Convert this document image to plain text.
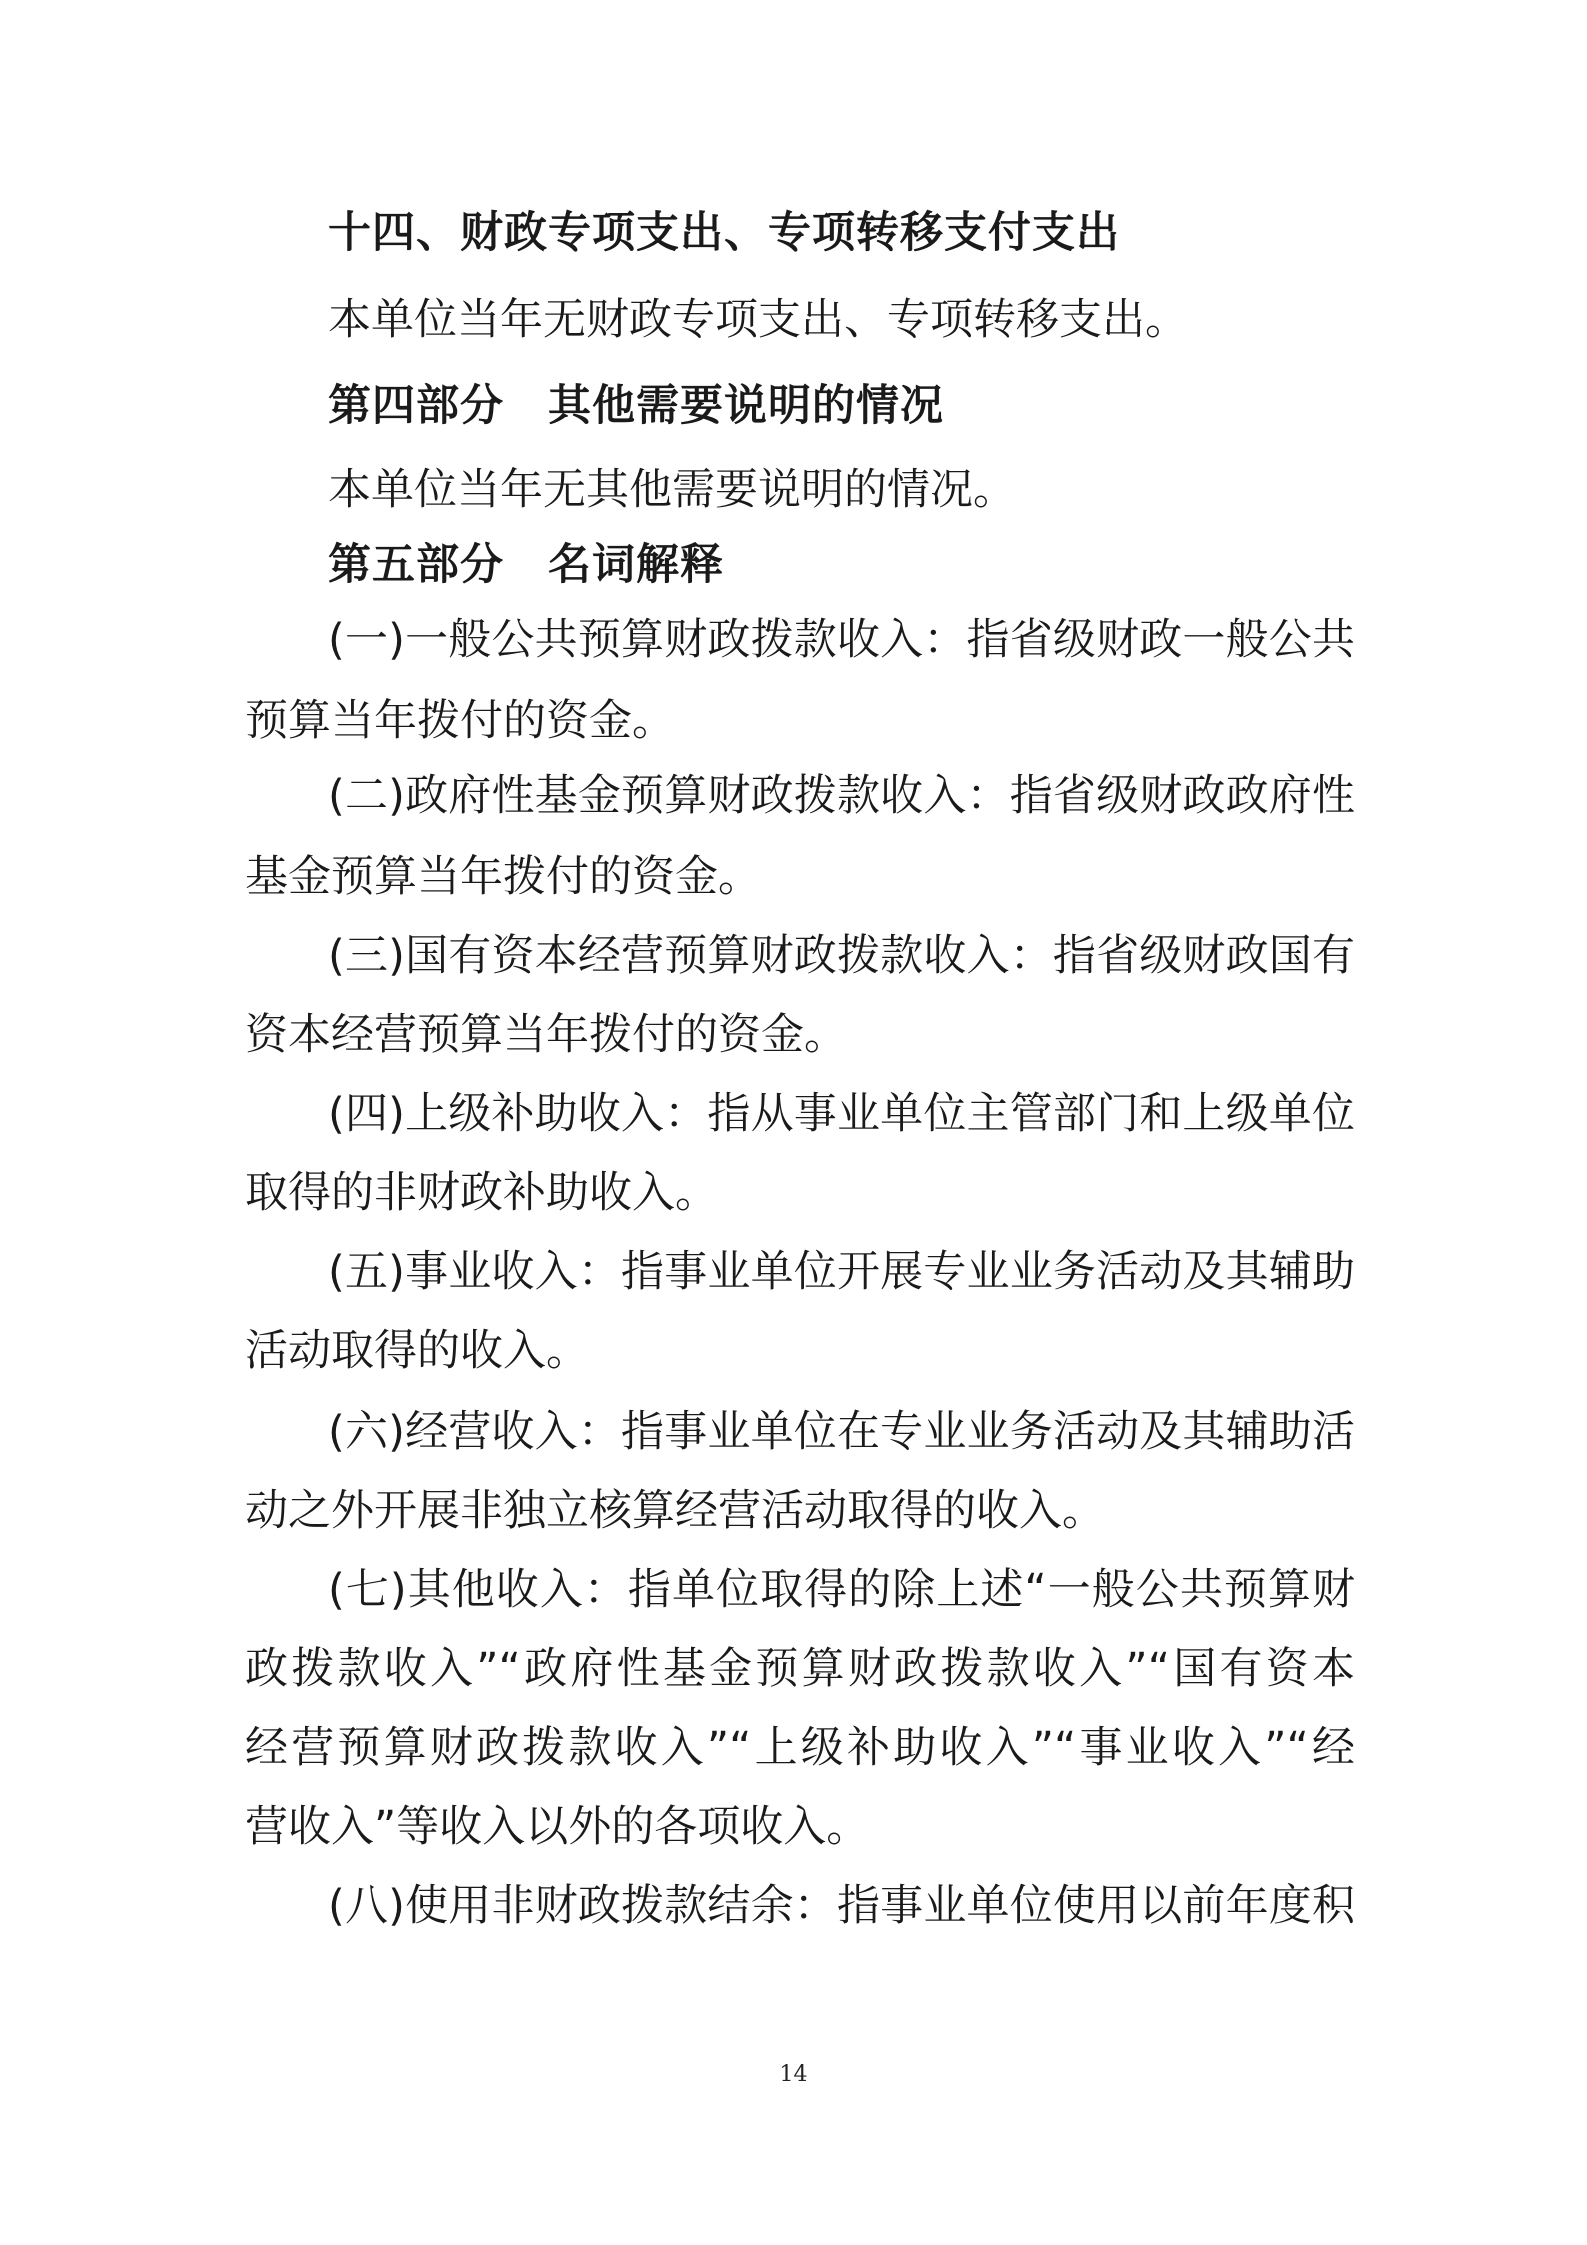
十四、财政专项支出、专项转移支付支出
本单位当年无财政专项支出、专项转移支出。
第四部分　其他需要说明的情况
本单位当年无其他需要说明的情况。
第五部分　名词解释
(一)一般公共预算财政拨款收入：指省级财政一般公共
预算当年拨付的资金。
(二)政府性基金预算财政拨款收入：指省级财政政府性
基金预算当年拨付的资金。
(三)国有资本经营预算财政拨款收入：指省级财政国有
资本经营预算当年拨付的资金。
(四)上级补助收入：指从事业单位主管部门和上级单位
取得的非财政补助收入。
(五)事业收入：指事业单位开展专业业务活动及其辅助
活动取得的收入。
(六)经营收入：指事业单位在专业业务活动及其辅助活
动之外开展非独立核算经营活动取得的收入。
(七)其他收入：指单位取得的除上述“一般公共预算财
政拨款收入”“政府性基金预算财政拨款收入”“国有资本
经营预算财政拨款收入”“上级补助收入”“事业收入”“经
营收入”等收入以外的各项收入。
(八)使用非财政拨款结余：指事业单位使用以前年度积
14
